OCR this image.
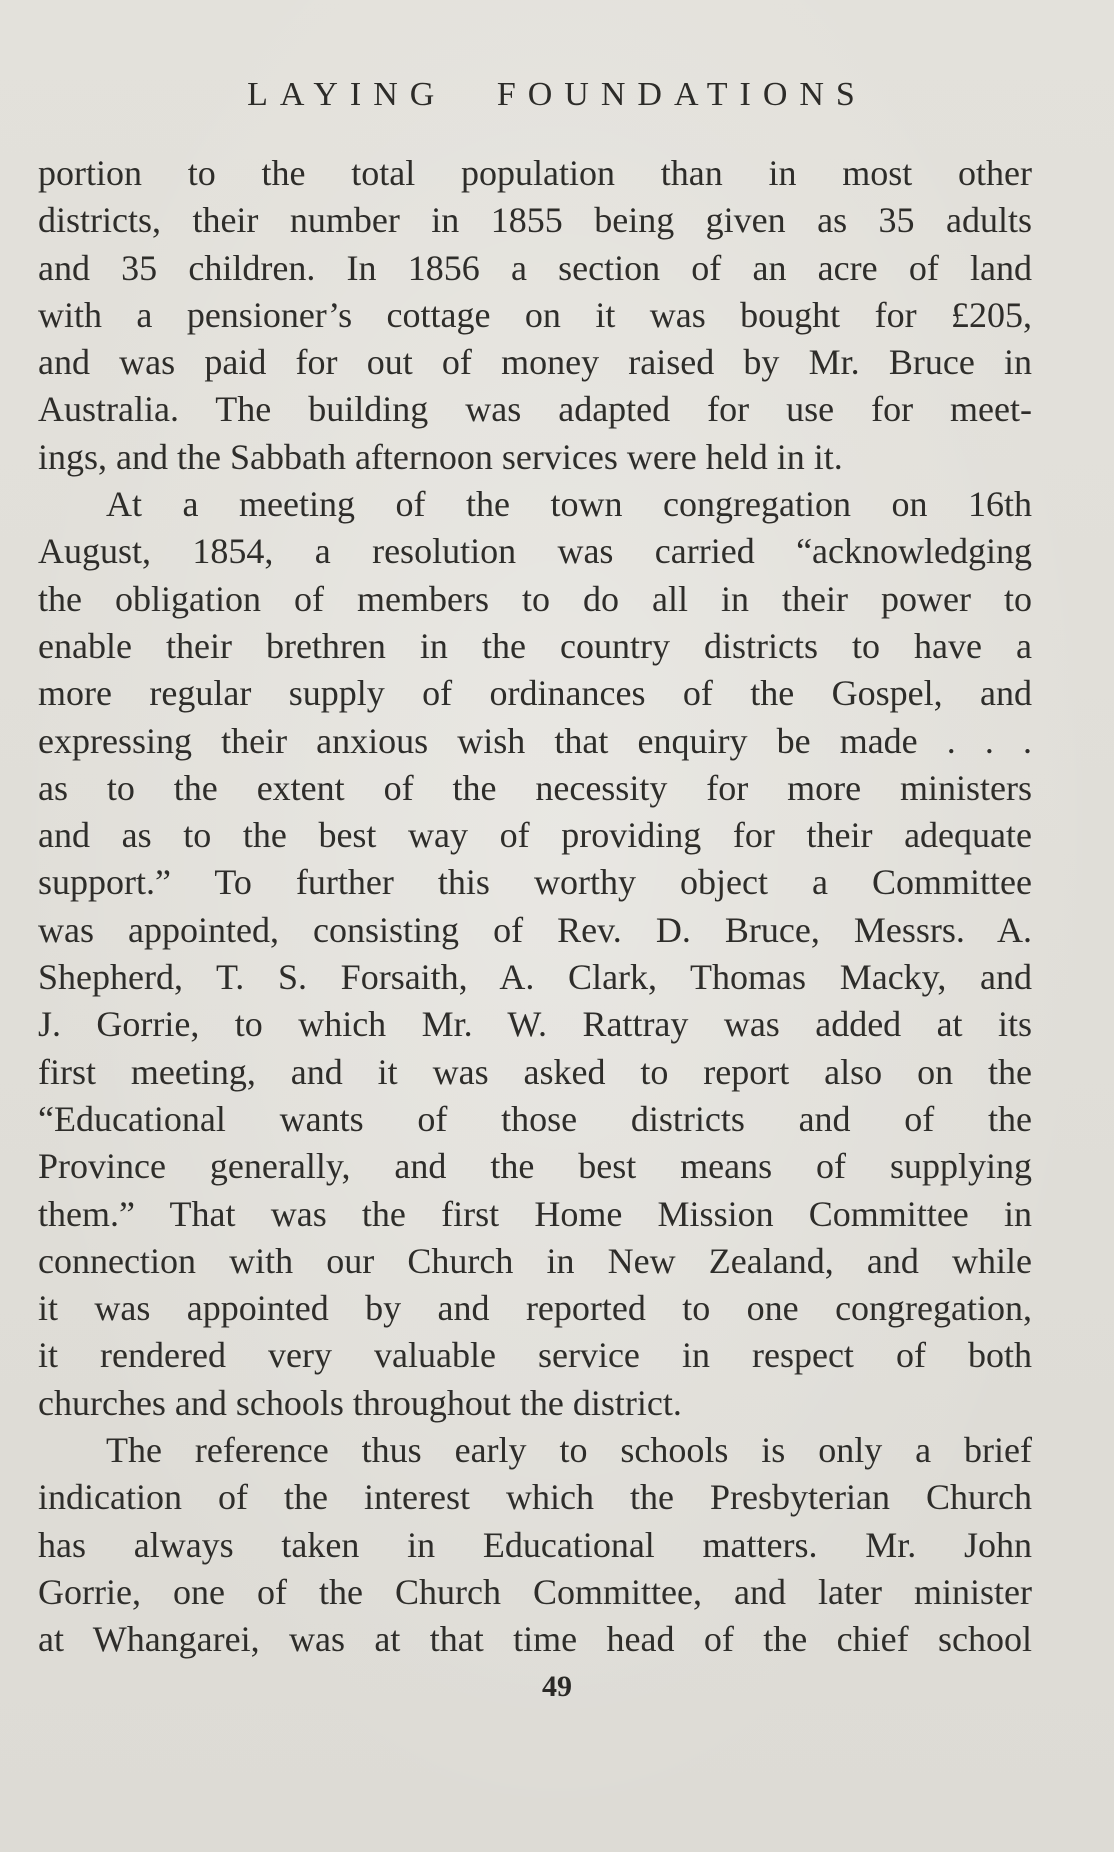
LAYING FOUNDATIONS

portion to the total population than in most other
districts, their number in 1855 being given as 35 adults
and 35 children. In 1856 a section of an acre of land
with a pensioner’s cottage on it was bought for £205,
and was paid for out of money raised by Mr. Bruce in
Australia. The building was adapted for use for meet-
ings, and the Sabbath afternoon services were held in it.

At a meeting of the town congregation on 16th
August, 1854, a resolution was carried “acknowledging
the obligation of members to do all in their power to
enable their brethren in the country districts to have a
more regular supply of ordinances of the Gospel, and
expressing their anxious wish that enquiry be made . . .
as to the extent of the necessity for more ministers
and as to the best way of providing for their adequate
support.” To further this worthy object a Committee
was appointed, consisting of Rev. D. Bruce, Messrs. A.
Shepherd, T. S. Forsaith, A. Clark, Thomas Macky, and
J. Gorrie, to which Mr. W. Rattray was added at its
first meeting, and it was asked to report also on the
“Educational wants of those districts and of the
Province generally, and the best means of supplying
them.” That was the first Home Mission Committee in
connection with our Church in New Zealand, and while
it was appointed by and reported to one congregation,
it rendered very valuable service in respect of both
churches and schools throughout the district.

The reference thus early to schools is only a brief
indication of the interest which the Presbyterian Church
has always taken in Educational matters. Mr. John
Gorrie, one of the Church Committee, and later minister
at Whangarei, was at that time head of the chief school

49
